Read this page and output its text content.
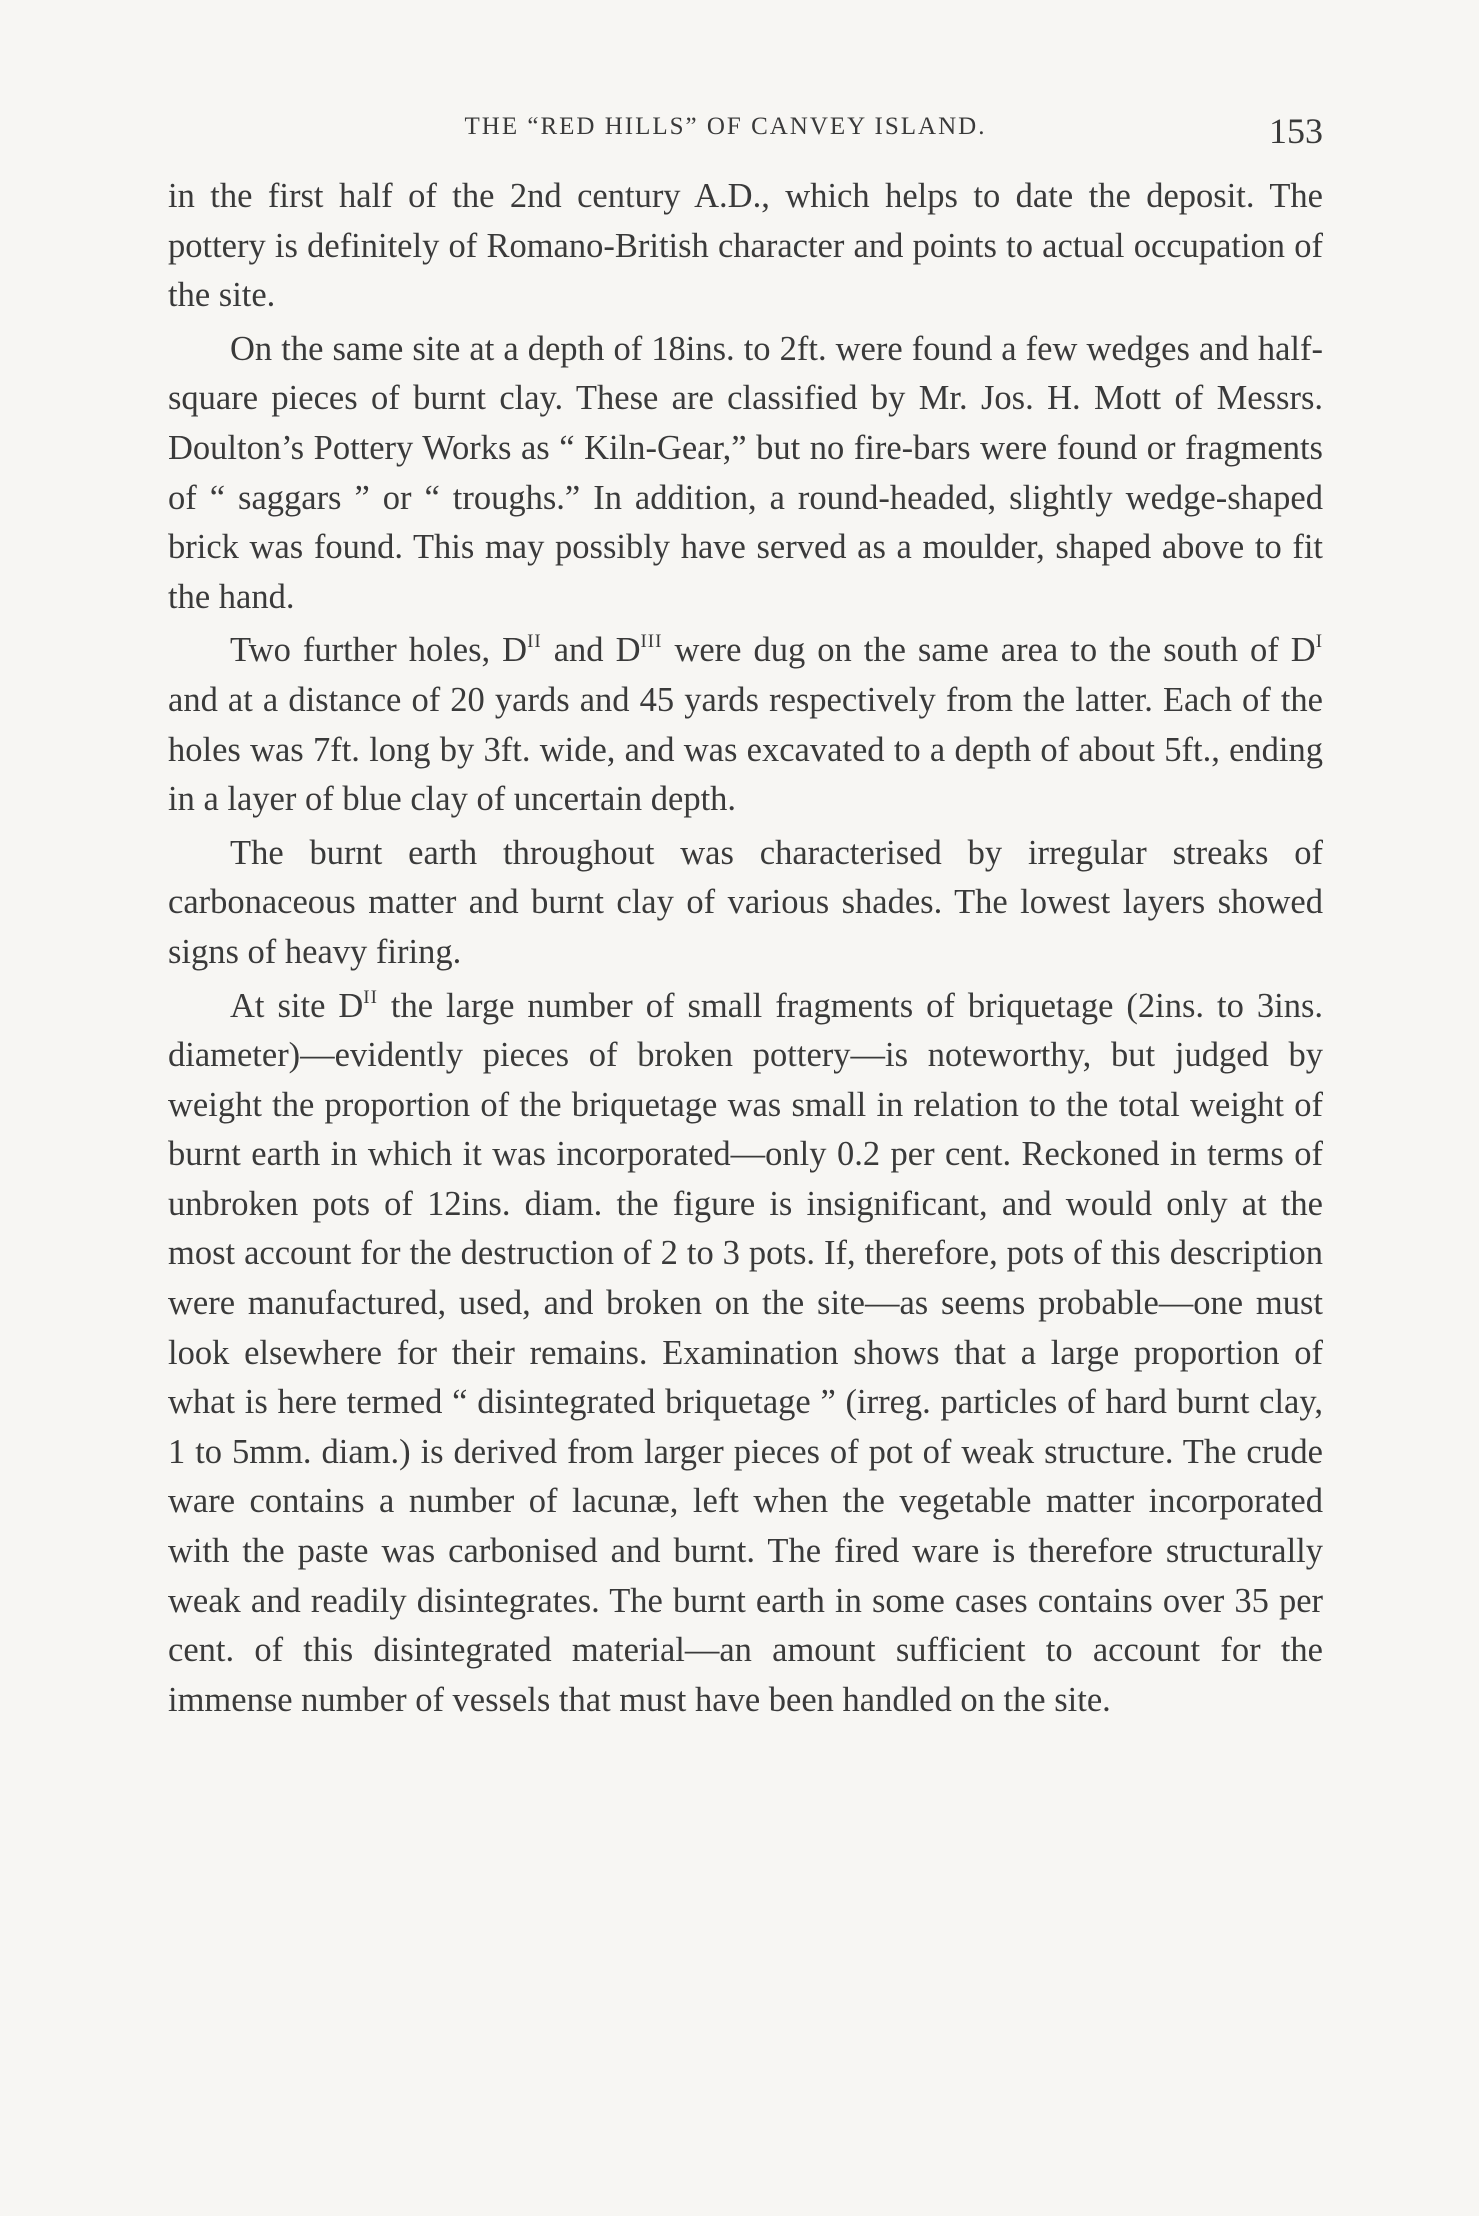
THE “RED HILLS” OF CANVEY ISLAND.	153

in the first half of the 2nd century A.D., which helps to date the deposit. The pottery is definitely of Romano-British character and points to actual occupation of the site.

On the same site at a depth of 18ins. to 2ft. were found a few wedges and half-square pieces of burnt clay. These are classified by Mr. Jos. H. Mott of Messrs. Doulton’s Pottery Works as “ Kiln-Gear,” but no fire-bars were found or fragments of “ saggars ” or “ troughs.” In addition, a round-headed, slightly wedge-shaped brick was found. This may possibly have served as a moulder, shaped above to fit the hand.

Two further holes, $D^{II}$ and $D^{III}$ were dug on the same area to the south of $D^I$ and at a distance of 20 yards and 45 yards respectively from the latter. Each of the holes was 7ft. long by 3ft. wide, and was excavated to a depth of about 5ft., ending in a layer of blue clay of uncertain depth.

The burnt earth throughout was characterised by irregular streaks of carbonaceous matter and burnt clay of various shades. The lowest layers showed signs of heavy firing.

At site $D^{II}$ the large number of small fragments of briquetage (2ins. to 3ins. diameter)—evidently pieces of broken pottery—is noteworthy, but judged by weight the proportion of the briquetage was small in relation to the total weight of burnt earth in which it was incorporated—only 0.2 per cent. Reckoned in terms of unbroken pots of 12ins. diam. the figure is insignificant, and would only at the most account for the destruction of 2 to 3 pots. If, therefore, pots of this description were manufactured, used, and broken on the site—as seems probable—one must look elsewhere for their remains. Examination shows that a large proportion of what is here termed “ disintegrated briquetage ” (irreg. particles of hard burnt clay, 1 to 5mm. diam.) is derived from larger pieces of pot of weak structure. The crude ware contains a number of lacunæ, left when the vegetable matter incorporated with the paste was carbonised and burnt. The fired ware is therefore structurally weak and readily disintegrates. The burnt earth in some cases contains over 35 per cent. of this disintegrated material—an amount sufficient to account for the immense number of vessels that must have been handled on the site.
